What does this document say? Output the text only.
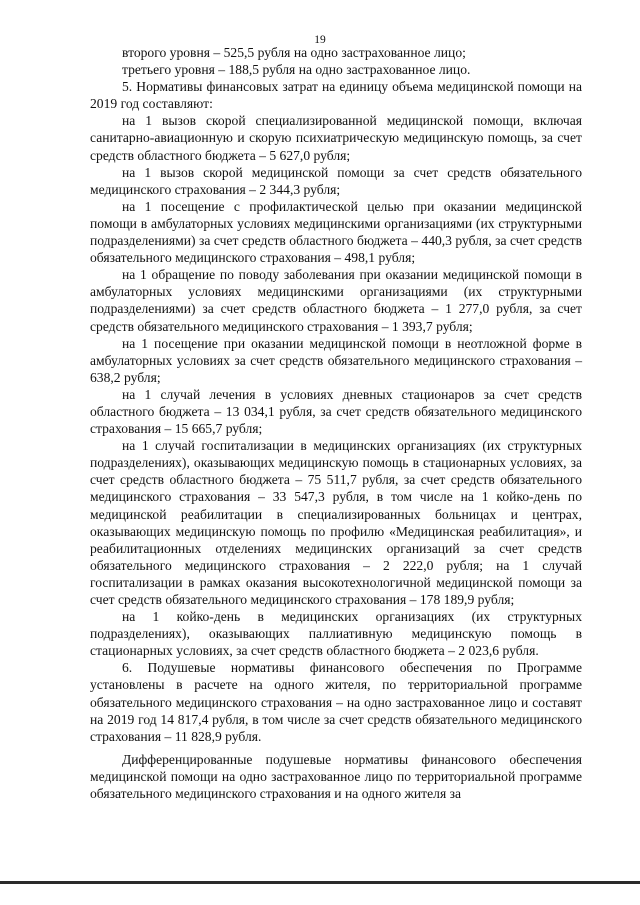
19

второго уровня – 525,5 рубля на одно застрахованное лицо;

третьего уровня – 188,5 рубля на одно застрахованное лицо.

5. Нормативы финансовых затрат на единицу объема медицинской помощи на 2019 год составляют:

на 1 вызов скорой специализированной медицинской помощи, включая санитарно-авиационную и скорую психиатрическую медицинскую помощь, за счет средств областного бюджета – 5 627,0 рубля;

на 1 вызов скорой медицинской помощи за счет средств обязательного медицинского страхования – 2 344,3 рубля;

на 1 посещение с профилактической целью при оказании медицинской помощи в амбулаторных условиях медицинскими организациями (их структурными подразделениями) за счет средств областного бюджета – 440,3 рубля, за счет средств обязательного медицинского страхования – 498,1 рубля;

на 1 обращение по поводу заболевания при оказании медицинской помощи в амбулаторных условиях медицинскими организациями (их структурными подразделениями) за счет средств областного бюджета – 1 277,0 рубля, за счет средств обязательного медицинского страхования – 1 393,7 рубля;

на 1 посещение при оказании медицинской помощи в неотложной форме в амбулаторных условиях за счет средств обязательного медицинского страхования – 638,2 рубля;

на 1 случай лечения в условиях дневных стационаров за счет средств областного бюджета – 13 034,1 рубля, за счет средств обязательного медицинского страхования – 15 665,7 рубля;

на 1 случай госпитализации в медицинских организациях (их структурных подразделениях), оказывающих медицинскую помощь в стационарных условиях, за счет средств областного бюджета – 75 511,7 рубля, за счет средств обязательного медицинского страхования – 33 547,3 рубля, в том числе на 1 койко-день по медицинской реабилитации в специализированных больницах и центрах, оказывающих медицинскую помощь по профилю «Медицинская реабилитация», и реабилитационных отделениях медицинских организаций за счет средств обязательного медицинского страхования – 2 222,0 рубля; на 1 случай госпитализации в рамках оказания высокотехнологичной медицинской помощи за счет средств обязательного медицинского страхования – 178 189,9 рубля;

на 1 койко-день в медицинских организациях (их структурных подразделениях), оказывающих паллиативную медицинскую помощь в стационарных условиях, за счет средств областного бюджета – 2 023,6 рубля.

6. Подушевые нормативы финансового обеспечения по Программе установлены в расчете на одного жителя, по территориальной программе обязательного медицинского страхования – на одно застрахованное лицо и составят на 2019 год 14 817,4 рубля, в том числе за счет средств обязательного медицинского страхования – 11 828,9 рубля.

Дифференцированные подушевые нормативы финансового обеспечения медицинской помощи на одно застрахованное лицо по территориальной программе обязательного медицинского страхования и на одного жителя за
